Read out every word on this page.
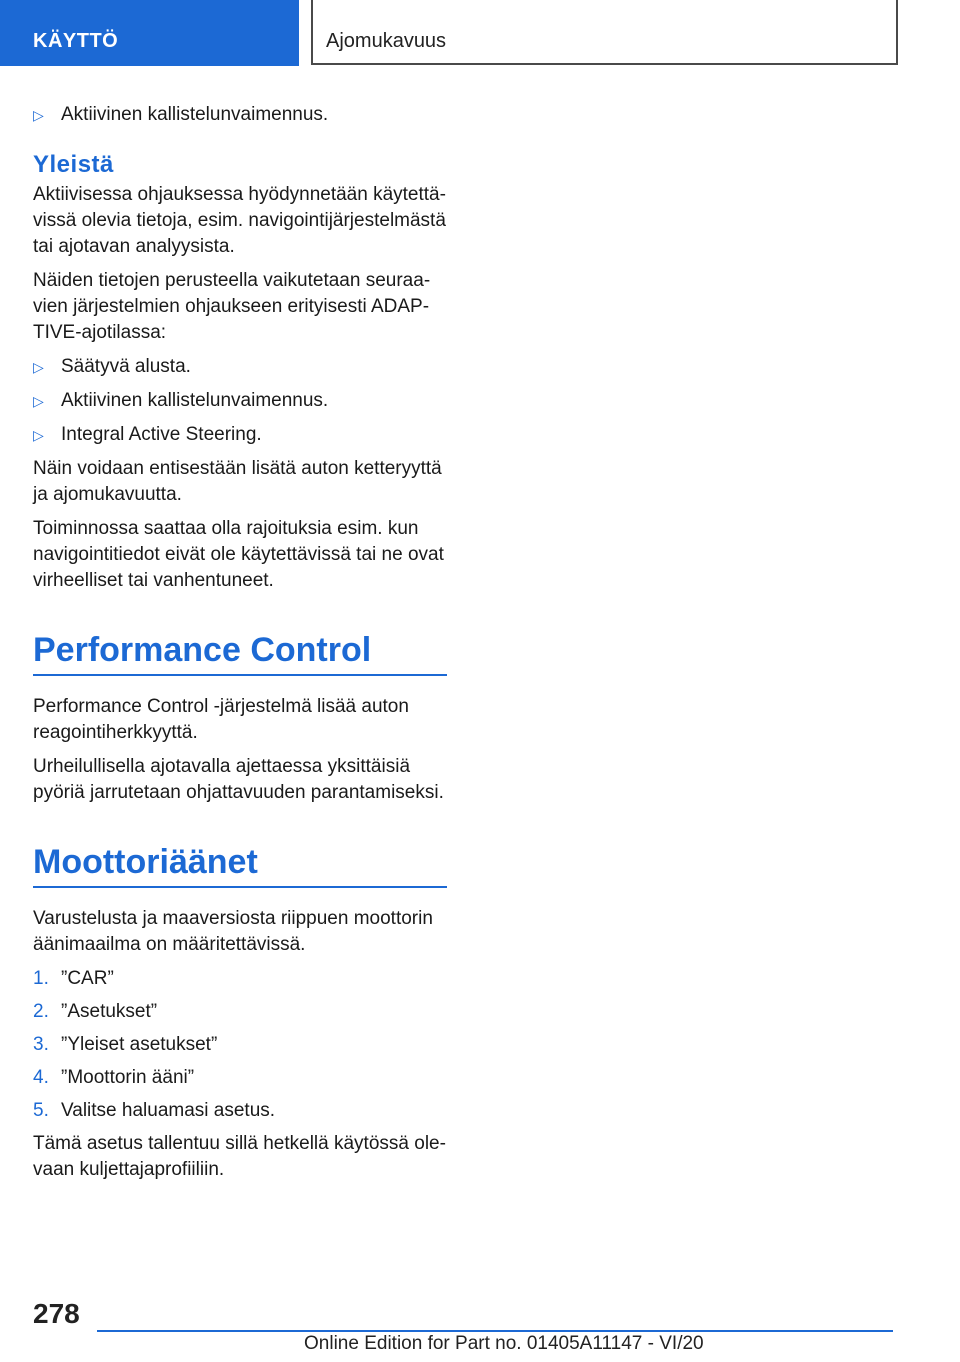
KÄYTTÖ	Ajomukavuus
▷ Aktiivinen kallistelunvaimennus.
Yleistä

Aktiivisessa ohjauksessa hyödynnetään käytettävissä olevia tietoja, esim. navigointijärjestelmästä tai ajotavan analyysista.

Näiden tietojen perusteella vaikutetaan seuraavien järjestelmien ohjaukseen erityisesti ADAPTIVE-ajotilassa:

▷ Säätyvä alusta.
▷ Aktiivinen kallistelunvaimennus.
▷ Integral Active Steering.

Näin voidaan entisestään lisätä auton ketteryyttä ja ajomukavuutta.

Toiminnossa saattaa olla rajoituksia esim. kun navigointitiedot eivät ole käytettävissä tai ne ovat virheelliset tai vanhentuneet.

Performance Control

Performance Control -järjestelmä lisää auton reagointiherkkyyttä.

Urheilullisella ajotavalla ajettaessa yksittäisiä pyöriä jarrutetaan ohjattavuuden parantamiseksi.

Moottoriäänet

Varustelusta ja maaversiosta riippuen moottorin äänimaailma on määritettävissä.

1. ”CAR”
2. ”Asetukset”
3. ”Yleiset asetukset”
4. ”Moottorin ääni”
5. Valitse haluamasi asetus.

Tämä asetus tallentuu sillä hetkellä käytössä olevaan kuljettajaprofiiliin.

278
Online Edition for Part no. 01405A11147 - VI/20
